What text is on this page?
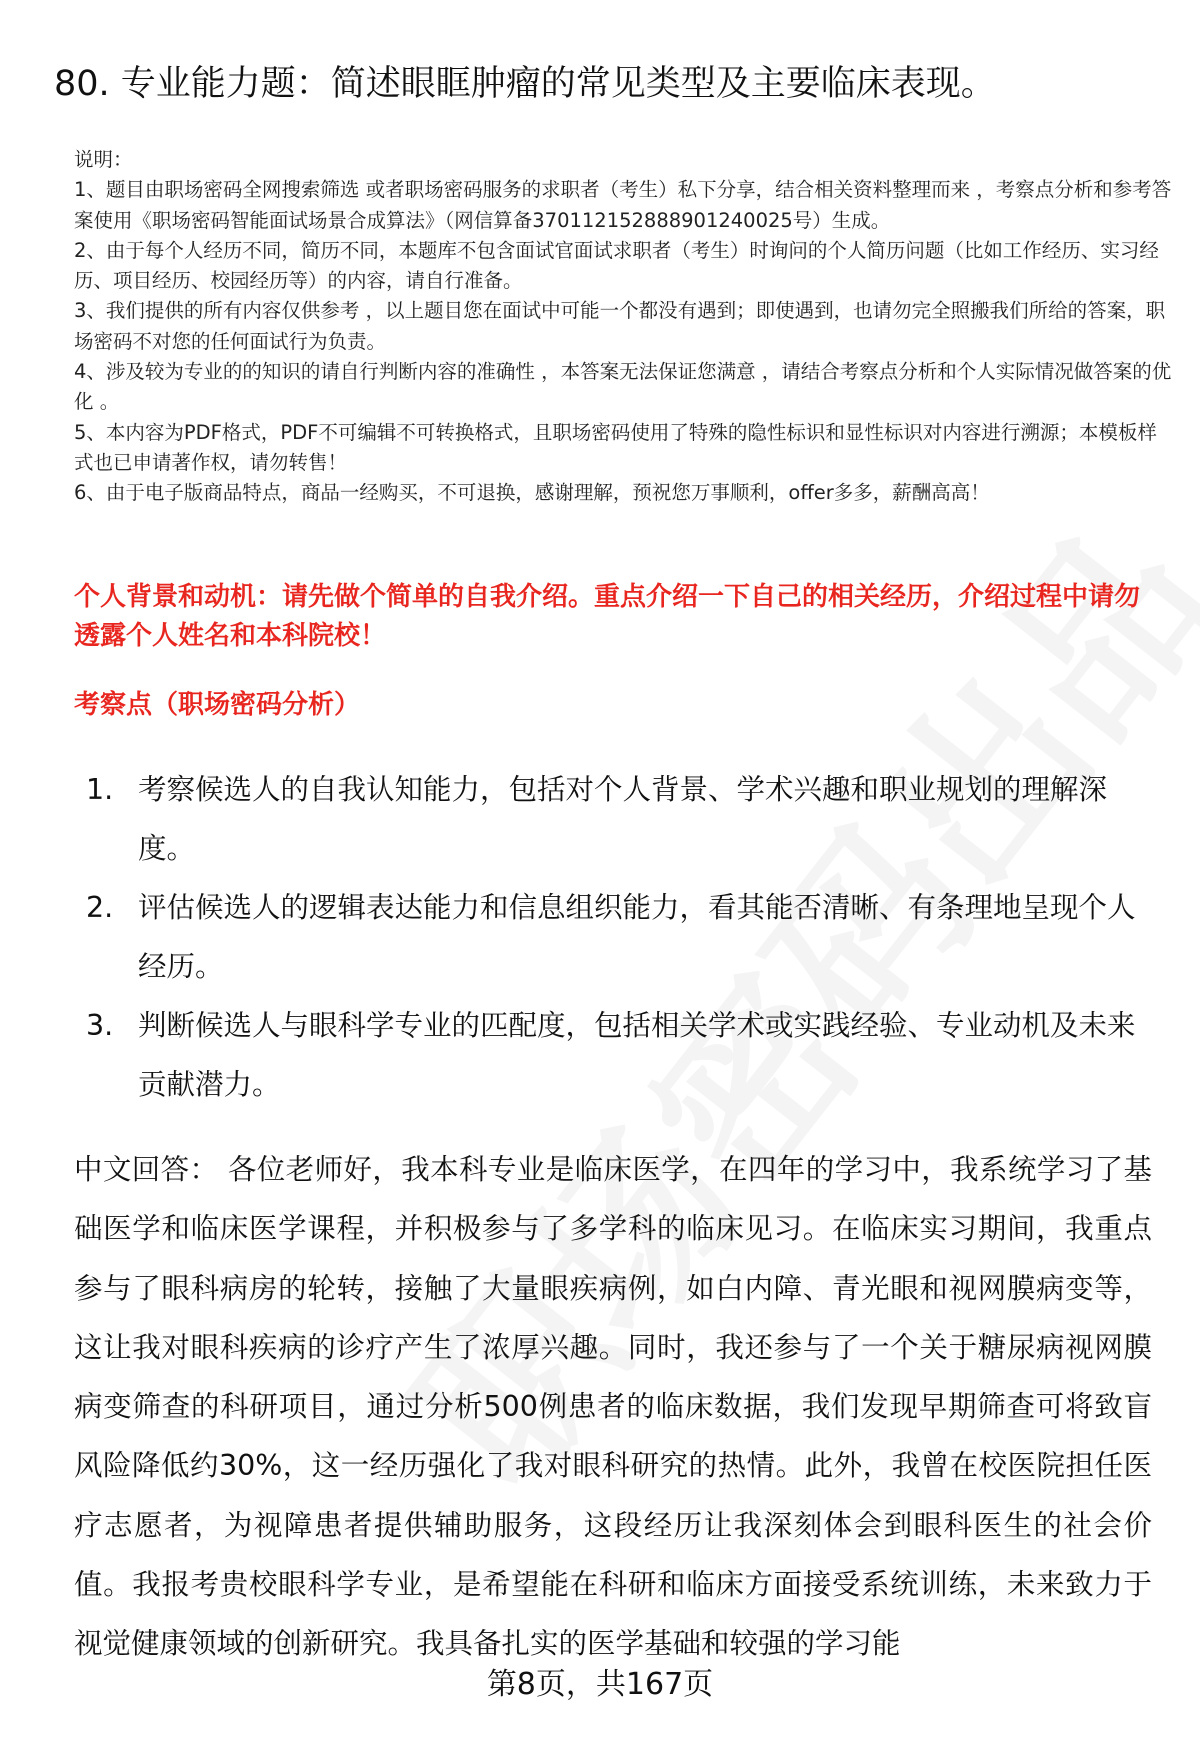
80. 专业能力题：简述眼眶肿瘤的常见类型及主要临床表现。
说明：
1、题目由职场密码全网搜索筛选 或者职场密码服务的求职者（考生）私下分享，结合相关资料整理而来 ，考察点分析和参考答案使用《职场密码智能面试场景合成算法》（网信算备370112152888901240025号）生成。
2、由于每个人经历不同，简历不同，本题库不包含面试官面试求职者（考生）时询问的个人简历问题（比如工作经历、实习经历、项目经历、校园经历等）的内容，请自行准备。
3、我们提供的所有内容仅供参考 ，以上题目您在面试中可能一个都没有遇到；即使遇到，也请勿完全照搬我们所给的答案，职场密码不对您的任何面试行为负责。
4、涉及较为专业的的知识的请自行判断内容的准确性 ，本答案无法保证您满意 ，请结合考察点分析和个人实际情况做答案的优化 。
5、本内容为PDF格式，PDF不可编辑不可转换格式，且职场密码使用了特殊的隐性标识和显性标识对内容进行溯源；本模板样式也已申请著作权，请勿转售！
6、由于电子版商品特点，商品一经购买，不可退换，感谢理解，预祝您万事顺利，offer多多，薪酬高高！
个人背景和动机：请先做个简单的自我介绍。重点介绍一下自己的相关经历，介绍过程中请勿透露个人姓名和本科院校！
考察点（职场密码分析）
1. 考察候选人的自我认知能力，包括对个人背景、学术兴趣和职业规划的理解深度。
2. 评估候选人的逻辑表达能力和信息组织能力，看其能否清晰、有条理地呈现个人经历。
3. 判断候选人与眼科学专业的匹配度，包括相关学术或实践经验、专业动机及未来贡献潜力。
中文回答： 各位老师好，我本科专业是临床医学，在四年的学习中，我系统学习了基础医学和临床医学课程，并积极参与了多学科的临床见习。在临床实习期间，我重点参与了眼科病房的轮转，接触了大量眼疾病例，如白内障、青光眼和视网膜病变等，这让我对眼科疾病的诊疗产生了浓厚兴趣。同时，我还参与了一个关于糖尿病视网膜病变筛查的科研项目，通过分析500例患者的临床数据，我们发现早期筛查可将致盲风险降低约30%，这一经历强化了我对眼科研究的热情。此外，我曾在校医院担任医疗志愿者，为视障患者提供辅助服务，这段经历让我深刻体会到眼科医生的社会价值。我报考贵校眼科学专业，是希望能在科研和临床方面接受系统训练，未来致力于视觉健康领域的创新研究。我具备扎实的医学基础和较强的学习能
第8页，共167页
